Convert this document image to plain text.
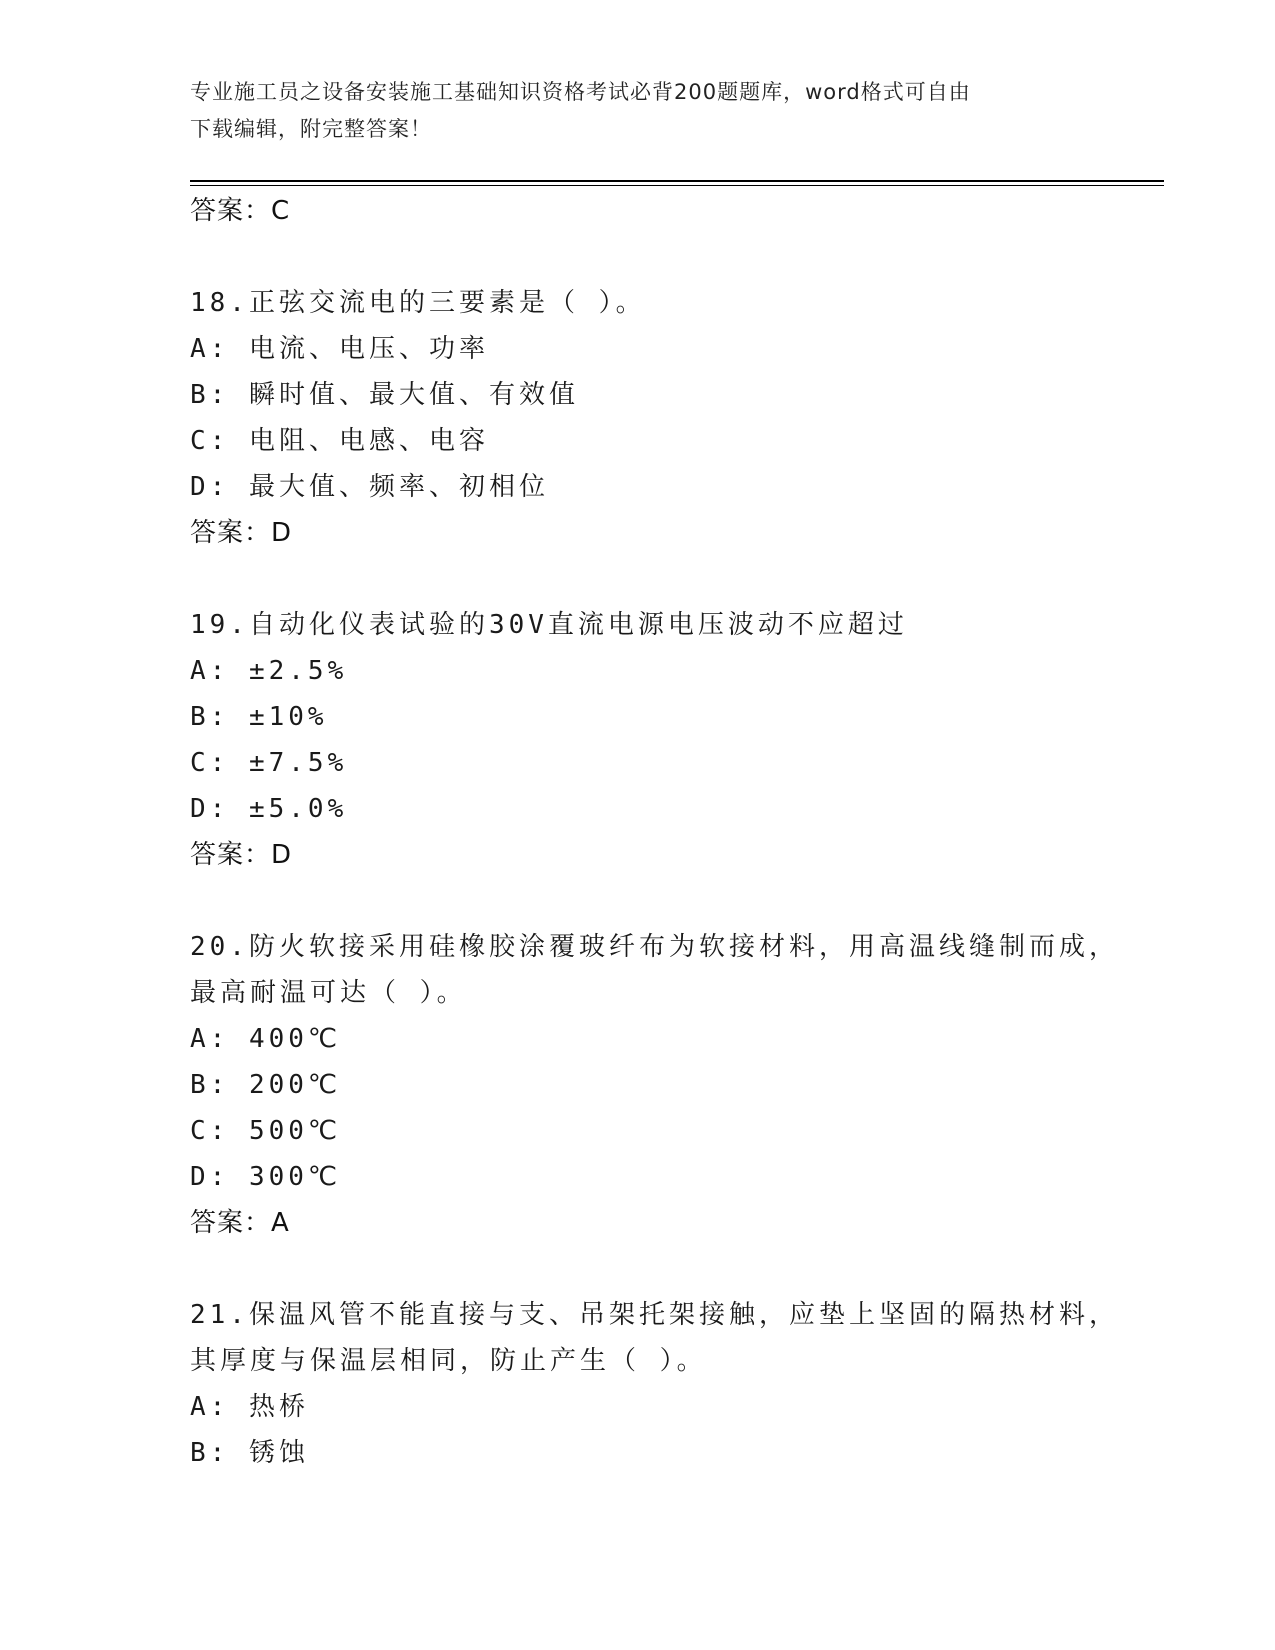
专业施工员之设备安装施工基础知识资格考试必背200题题库，word格式可自由
下载编辑，附完整答案！
答案：C
18.正弦交流电的三要素是（ ）。
A: 电流、电压、功率
B: 瞬时值、最大值、有效值
C: 电阻、电感、电容
D: 最大值、频率、初相位
答案：D
19.自动化仪表试验的30V直流电源电压波动不应超过
A: ±2.5%
B: ±10%
C: ±7.5%
D: ±5.0%
答案：D
20.防火软接采用硅橡胶涂覆玻纤布为软接材料，用高温线缝制而成，
最高耐温可达（ ）。
A: 400℃
B: 200℃
C: 500℃
D: 300℃
答案：A
21.保温风管不能直接与支、吊架托架接触，应垫上坚固的隔热材料，
其厚度与保温层相同，防止产生（ ）。
A: 热桥
B: 锈蚀
